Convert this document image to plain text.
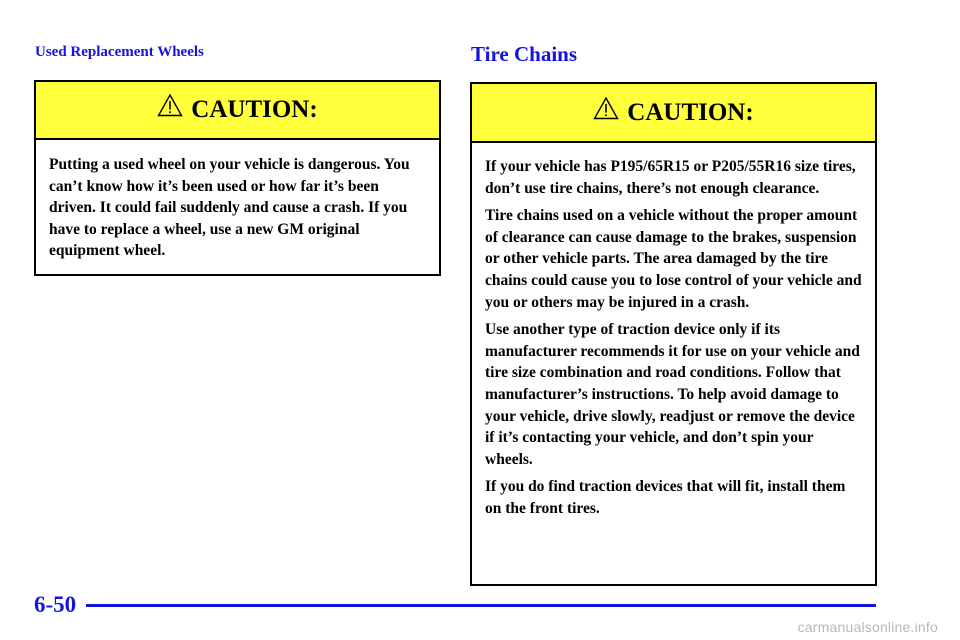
Used Replacement Wheels
CAUTION:

Putting a used wheel on your vehicle is dangerous. You can’t know how it’s been used or how far it’s been driven. It could fail suddenly and cause a crash. If you have to replace a wheel, use a new GM original equipment wheel.

Tire Chains
CAUTION:

If your vehicle has P195/65R15 or P205/55R16 size tires, don’t use tire chains, there’s not enough clearance.

Tire chains used on a vehicle without the proper amount of clearance can cause damage to the brakes, suspension or other vehicle parts. The area damaged by the tire chains could cause you to lose control of your vehicle and you or others may be injured in a crash.

Use another type of traction device only if its manufacturer recommends it for use on your vehicle and tire size combination and road conditions. Follow that manufacturer’s instructions. To help avoid damage to your vehicle, drive slowly, readjust or remove the device if it’s contacting your vehicle, and don’t spin your wheels.

If you do find traction devices that will fit, install them on the front tires.

6-50
carmanualsonline.info
